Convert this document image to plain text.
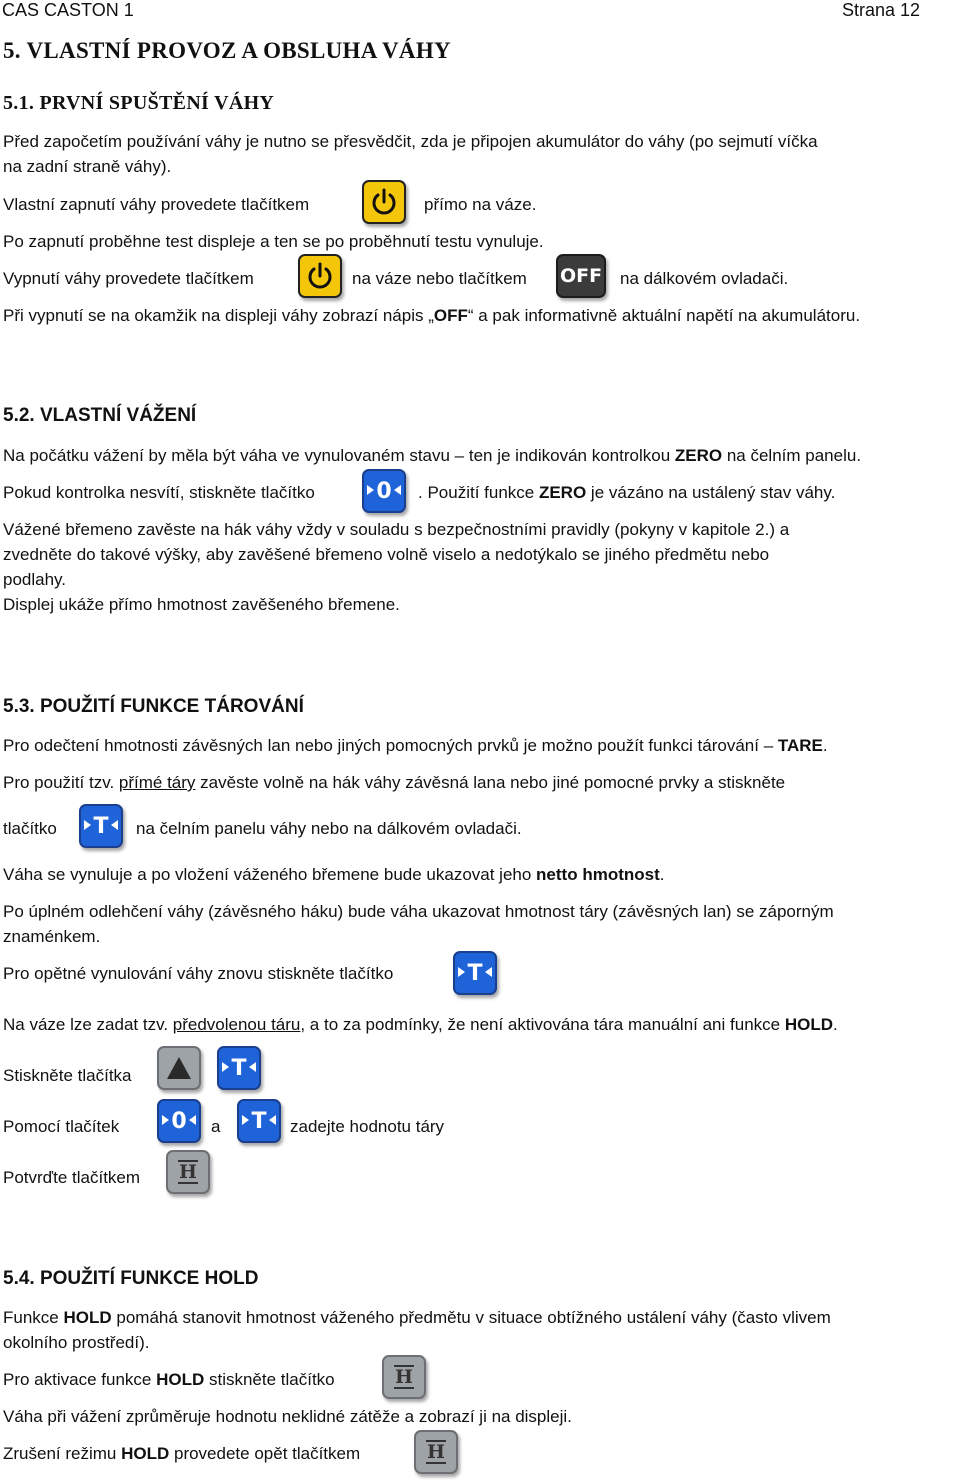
CAS CASTON 1	Strana 12
5. VLASTNÍ PROVOZ A OBSLUHA VÁHY
5.1. PRVNÍ SPUŠTĚNÍ VÁHY
Před započetím používání váhy je nutno se přesvědčit, zda je připojen akumulátor do váhy (po sejmutí víčka
na zadní straně váhy).
Vlastní zapnutí váhy provedete tlačítkem	přímo na váze.
Po zapnutí proběhne test displeje a ten se po proběhnutí testu vynuluje.
Vypnutí váhy provedete tlačítkem	na váze nebo tlačítkem OFF na dálkovém ovladači.
Při vypnutí se na okamžik na displeji váhy zobrazí nápis „OFF“ a pak informativně aktuální napětí na akumulátoru.
5.2. VLASTNÍ VÁŽENÍ
Na počátku vážení by měla být váha ve vynulovaném stavu – ten je indikován kontrolkou ZERO na čelním panelu.
Pokud kontrolka nesvítí, stiskněte tlačítko	0 . Použití funkce ZERO je vázáno na ustálený stav váhy.
Vážené břemeno zavěste na hák váhy vždy v souladu s bezpečnostními pravidly (pokyny v kapitole 2.) a
zvedněte do takové výšky, aby zavěšené břemeno volně viselo a nedotýkalo se jiného předmětu nebo
podlahy.
Displej ukáže přímo hmotnost zavěšeného břemene.
5.3. POUŽITÍ FUNKCE TÁROVÁNÍ
Pro odečtení hmotnosti závěsných lan nebo jiných pomocných prvků je možno použít funkci tárování – TARE.
Pro použití tzv. přímé táry zavěste volně na hák váhy závěsná lana nebo jiné pomocné prvky a stiskněte
tlačítko T na čelním panelu váhy nebo na dálkovém ovladači.
Váha se vynuluje a po vložení váženého břemene bude ukazovat jeho netto hmotnost.
Po úplném odlehčení váhy (závěsného háku) bude váha ukazovat hmotnost táry (závěsných lan) se záporným
znaménkem.
Pro opětné vynulování váhy znovu stiskněte tlačítko	T
Na váze lze zadat tzv. předvolenou táru, a to za podmínky, že není aktivována tára manuální ani funkce HOLD.
Stiskněte tlačítka	T
Pomocí tlačítek 0 a T zadejte hodnotu táry
Potvrďte tlačítkem H
5.4. POUŽITÍ FUNKCE HOLD
Funkce HOLD pomáhá stanovit hmotnost váženého předmětu v situace obtížného ustálení váhy (často vlivem
okolního prostředí).
Pro aktivace funkce HOLD stiskněte tlačítko	H
Váha při vážení zprůměruje hodnotu neklidné zátěže a zobrazí ji na displeji.
Zrušení režimu HOLD provedete opět tlačítkem	H
